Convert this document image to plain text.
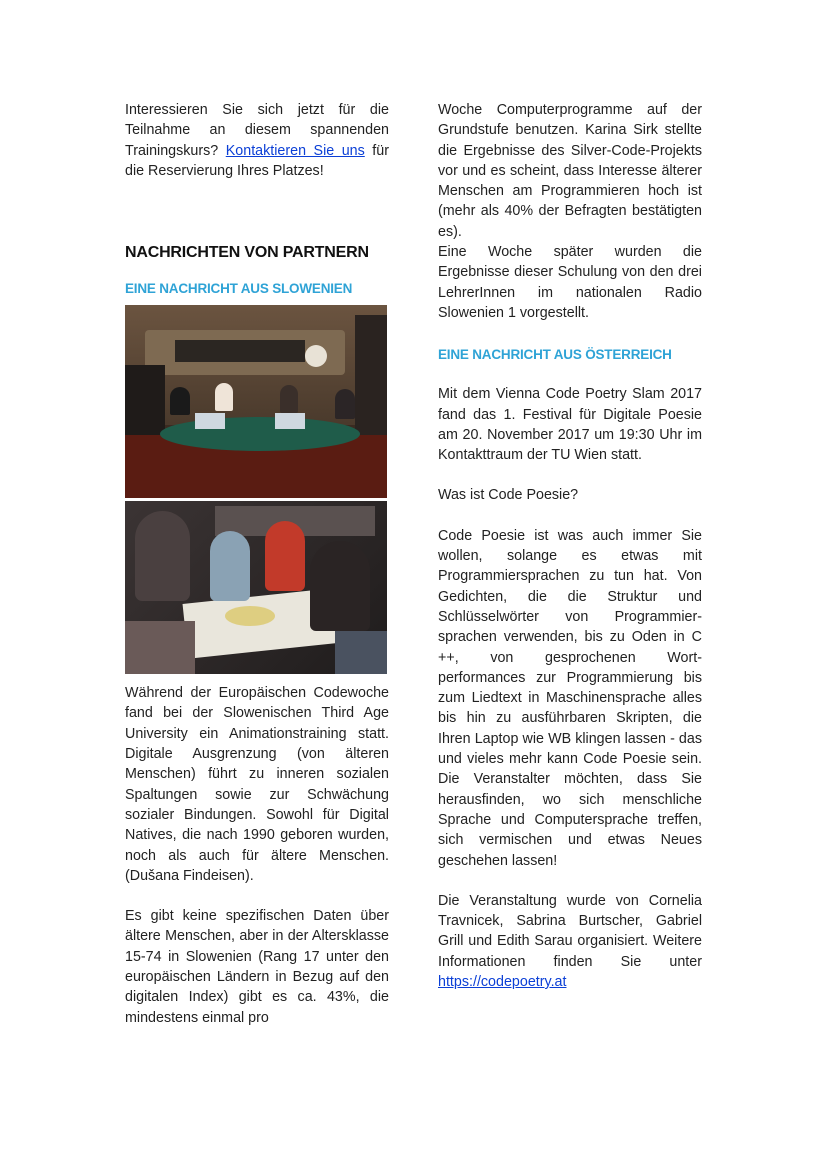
Interessieren Sie sich jetzt für die Teilnahme an diesem spannenden Trainingskurs? Kontaktieren Sie uns für die Reservierung Ihres Platzes!

NACHRICHTEN VON PARTNERN
EINE NACHRICHT AUS SLOWENIEN

Während der Europäischen Codewoche fand bei der Slowenischen Third Age University ein Animationstraining statt. Digitale Ausgrenzung (von älteren Menschen) führt zu inneren sozialen Spaltungen sowie zur Schwächung sozialer Bindungen. Sowohl für Digital Natives, die nach 1990 geboren wurden, noch als auch für ältere Menschen. (Dušana Findeisen).

Es gibt keine spezifischen Daten über ältere Menschen, aber in der Altersklasse 15-74 in Slowenien (Rang 17 unter den europäischen Ländern in Bezug auf den digitalen Index) gibt es ca. 43%, die mindestens einmal pro

Woche Computerprogramme auf der Grundstufe benutzen. Karina Sirk stellte die Ergebnisse des Silver-Code-Projekts vor und es scheint, dass Interesse älterer Menschen am Programmieren hoch ist (mehr als 40% der Befragten bestätigten es).

Eine Woche später wurden die Ergebnisse dieser Schulung von den drei LehrerInnen im nationalen Radio Slowenien 1 vorgestellt.

EINE NACHRICHT AUS ÖSTERREICH

Mit dem Vienna Code Poetry Slam 2017 fand das 1. Festival für Digitale Poesie am 20. November 2017 um 19:30 Uhr im Kontakttraum der TU Wien statt.

Was ist Code Poesie?

Code Poesie ist was auch immer Sie wollen, solange es etwas mit Programmiersprachen zu tun hat. Von Gedichten, die die Struktur und Schlüsselwörter von Programmier-sprachen verwenden, bis zu Oden in C ++, von gesprochenen Wort-performances zur Programmierung bis zum Liedtext in Maschinensprache alles bis hin zu ausführbaren Skripten, die Ihren Laptop wie WB klingen lassen - das und vieles mehr kann Code Poesie sein. Die Veranstalter möchten, dass Sie herausfinden, wo sich menschliche Sprache und Computersprache treffen, sich vermischen und etwas Neues geschehen lassen!

Die Veranstaltung wurde von Cornelia Travnicek, Sabrina Burtscher, Gabriel Grill und Edith Sarau organisiert. Weitere Informationen finden Sie unter https://codepoetry.at
